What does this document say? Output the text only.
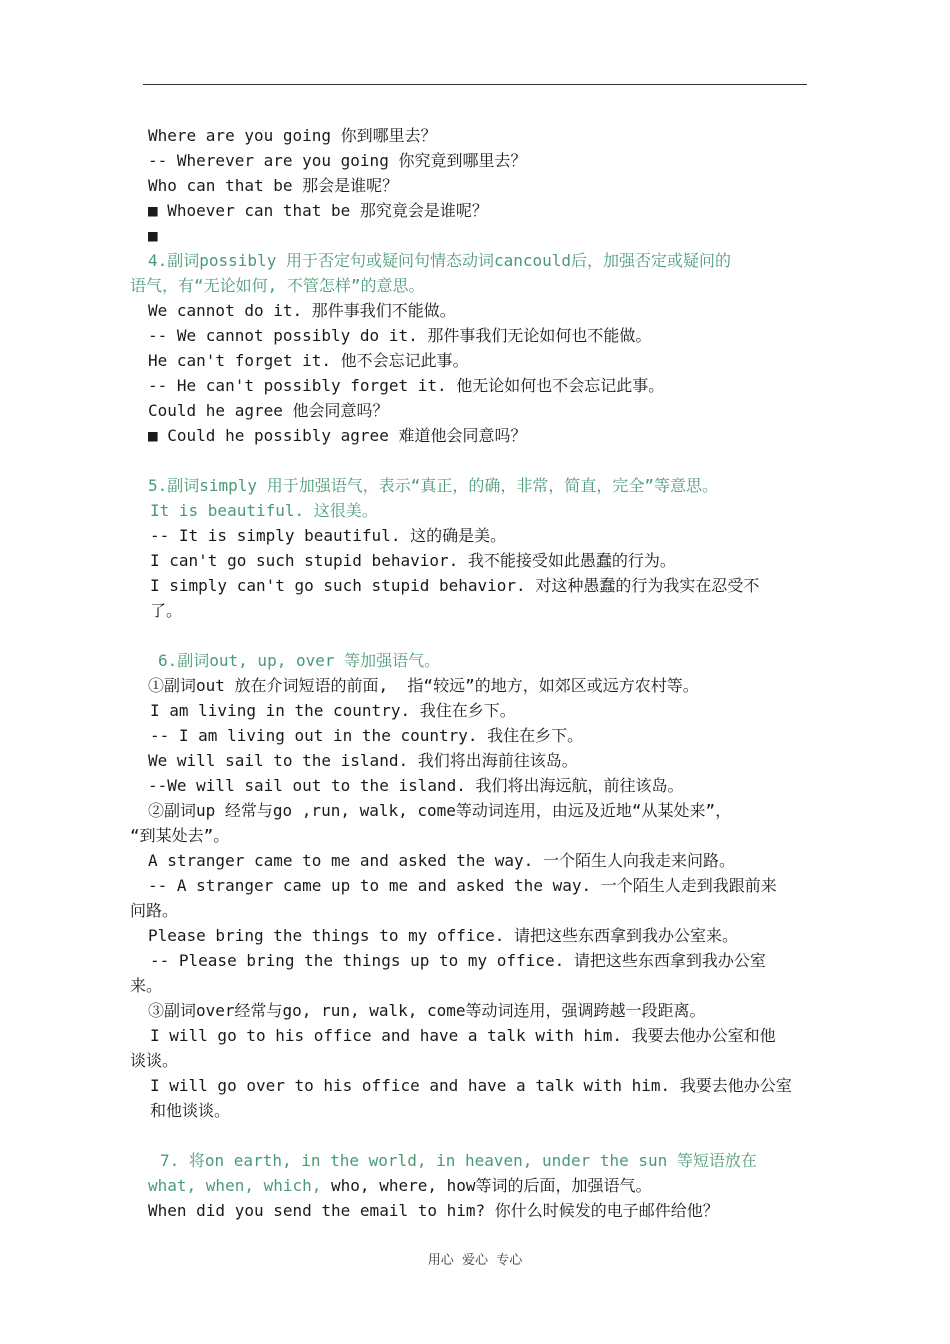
Where are you going 你到哪里去？
-- Wherever are you going 你究竟到哪里去？
Who can that be 那会是谁呢？
■ Whoever can that be 那究竟会是谁呢？
■
4.副词possibly 用于否定句或疑问句情态动词cancould后，加强否定或疑问的
语气，有“无论如何, 不管怎样”的意思。
We cannot do it. 那件事我们不能做。
-- We cannot possibly do it. 那件事我们无论如何也不能做。
He can't forget it. 他不会忘记此事。
-- He can't possibly forget it. 他无论如何也不会忘记此事。
Could he agree 他会同意吗？
■ Could he possibly agree 难道他会同意吗？
5.副词simply 用于加强语气，表示“真正，的确，非常，简直，完全”等意思。
It is beautiful. 这很美。
-- It is simply beautiful. 这的确是美。
I can't go such stupid behavior. 我不能接受如此愚蠢的行为。
I simply can't go such stupid behavior. 对这种愚蠢的行为我实在忍受不
了。
6.副词out, up, over 等加强语气。
①副词out 放在介词短语的前面,  指“较远”的地方，如郊区或远方农村等。
I am living in the country. 我住在乡下。
-- I am living out in the country. 我住在乡下。
We will sail to the island. 我们将出海前往该岛。
--We will sail out to the island. 我们将出海远航，前往该岛。
②副词up 经常与go ,run, walk, come等动词连用，由远及近地“从某处来”，
“到某处去”。
A stranger came to me and asked the way. 一个陌生人向我走来问路。
-- A stranger came up to me and asked the way. 一个陌生人走到我跟前来
问路。
Please bring the things to my office. 请把这些东西拿到我办公室来。
-- Please bring the things up to my office. 请把这些东西拿到我办公室
来。
③副词over经常与go, run, walk, come等动词连用，强调跨越一段距离。
I will go to his office and have a talk with him. 我要去他办公室和他
谈谈。
I will go over to his office and have a talk with him. 我要去他办公室
和他谈谈。
7. 将on earth, in the world, in heaven, under the sun 等短语放在
what, when, which, who, where, how等词的后面，加强语气。
When did you send the email to him? 你什么时候发的电子邮件给他？
用心  爱心  专心
